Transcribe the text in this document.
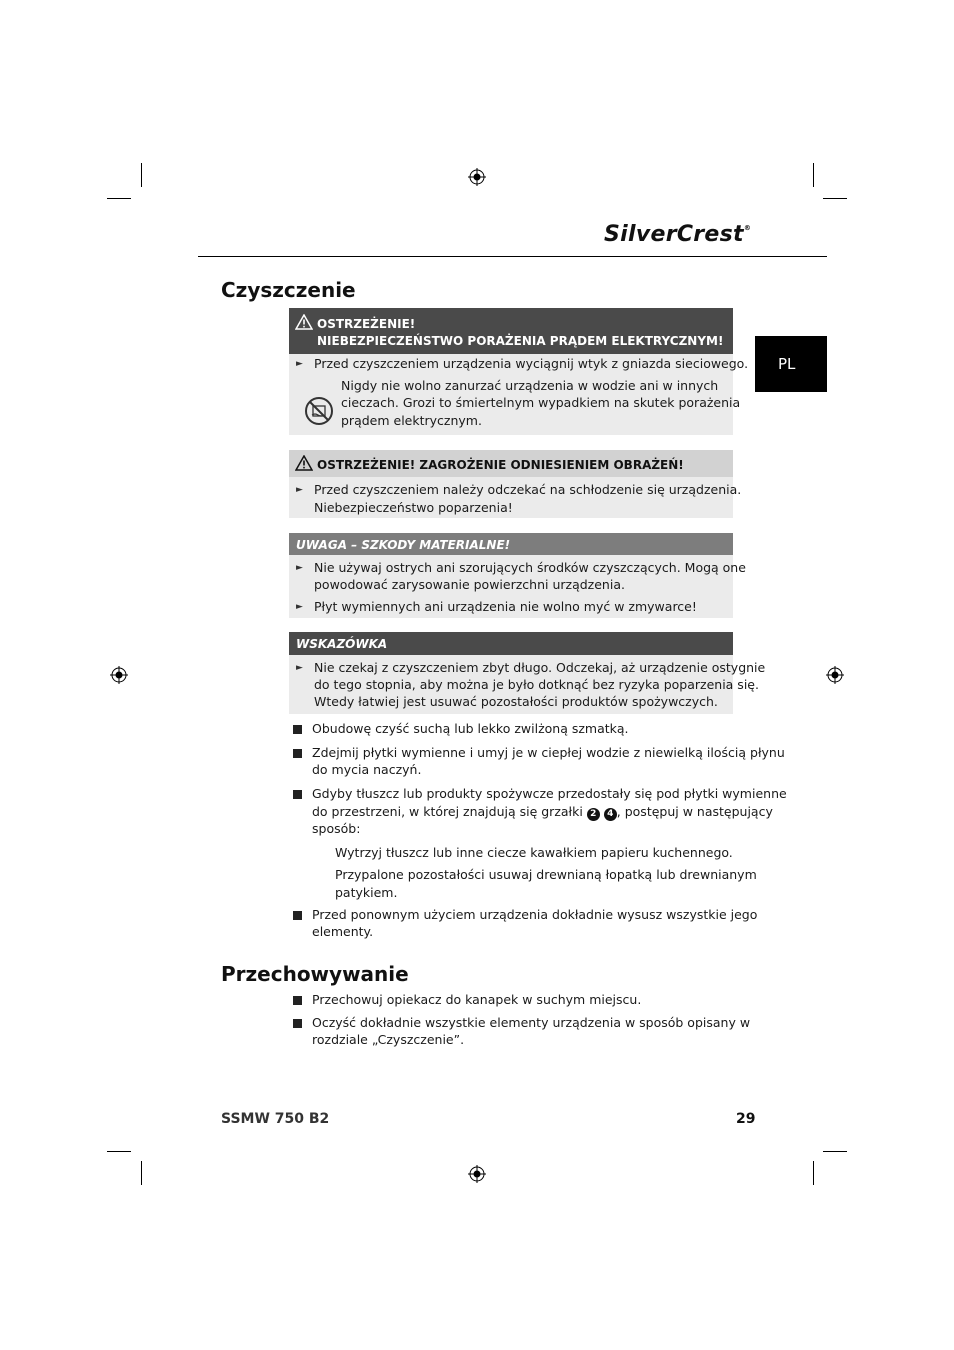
SilverCrest®
PL
Czyszczenie
OSTRZEŻENIE!
NIEBEZPIECZEŃSTWO PORAŻENIA PRĄDEM ELEKTRYCZNYM!
► Przed czyszczeniem urządzenia wyciągnij wtyk z gniazda sieciowego.
Nigdy nie wolno zanurzać urządzenia w wodzie ani w innych
cieczach. Grozi to śmiertelnym wypadkiem na skutek porażenia
prądem elektrycznym.
OSTRZEŻENIE! ZAGROŻENIE ODNIESIENIEM OBRAŻEŃ!
► Przed czyszczeniem należy odczekać na schłodzenie się urządzenia.
Niebezpieczeństwo poparzenia!
UWAGA – SZKODY MATERIALNE!
► Nie używaj ostrych ani szorujących środków czyszczących. Mogą one
powodować zarysowanie powierzchni urządzenia.
► Płyt wymiennych ani urządzenia nie wolno myć w zmywarce!
WSKAZÓWKA
► Nie czekaj z czyszczeniem zbyt długo. Odczekaj, aż urządzenie ostygnie
do tego stopnia, aby można je było dotknąć bez ryzyka poparzenia się.
Wtedy łatwiej jest usuwać pozostałości produktów spożywczych.
Obudowę czyść suchą lub lekko zwilżoną szmatką.
Zdejmij płytki wymienne i umyj je w ciepłej wodzie z niewielką ilością płynu
do mycia naczyń.
Gdyby tłuszcz lub produkty spożywcze przedostały się pod płytki wymienne
do przestrzeni, w której znajdują się grzałki 2 4 , postępuj w następujący
sposób:
Wytrzyj tłuszcz lub inne ciecze kawałkiem papieru kuchennego.
Przypalone pozostałości usuwaj drewnianą łopatką lub drewnianym
patykiem.
Przed ponownym użyciem urządzenia dokładnie wysusz wszystkie jego
elementy.
Przechowywanie
Przechowuj opiekacz do kanapek w suchym miejscu.
Oczyść dokładnie wszystkie elementy urządzenia w sposób opisany w
rozdziale „Czyszczenie”.
SSMW 750 B2	29
